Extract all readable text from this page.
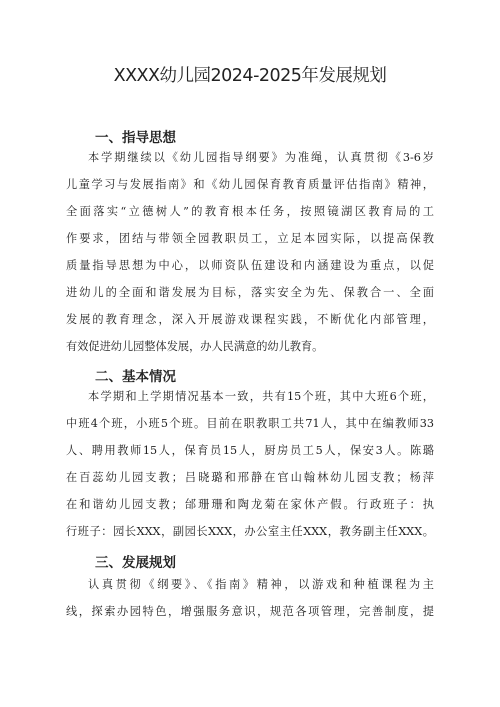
XXXX幼儿园2024-2025年发展规划
一、指导思想
本学期继续以《幼儿园指导纲要》为准绳，认真贯彻《3-6岁
儿童学习与发展指南》和《幼儿园保育教育质量评估指南》精神，
全面落实“立德树人”的教育根本任务，按照镜湖区教育局的工
作要求，团结与带领全园教职员工，立足本园实际，以提高保教
质量指导思想为中心，以师资队伍建设和内涵建设为重点，以促
进幼儿的全面和谐发展为目标，落实安全为先、保教合一、全面
发展的教育理念，深入开展游戏课程实践，不断优化内部管理，
有效促进幼儿园整体发展，办人民满意的幼儿教育。
二、基本情况
本学期和上学期情况基本一致，共有15个班，其中大班6个班，
中班4个班，小班5个班。目前在职教职工共71人，其中在编教师33
人、聘用教师15人，保育员15人，厨房员工5人，保安3人。陈璐
在百蕊幼儿园支教；吕晓璐和邢静在官山翰林幼儿园支教；杨萍
在和谐幼儿园支教；邰珊珊和陶龙菊在家休产假。行政班子：执
行班子：园长XXX，副园长XXX，办公室主任XXX，教务副主任XXX。
三、发展规划
认真贯彻《纲要》、《指南》精神，以游戏和种植课程为主
线，探索办园特色，增强服务意识，规范各项管理，完善制度，提
